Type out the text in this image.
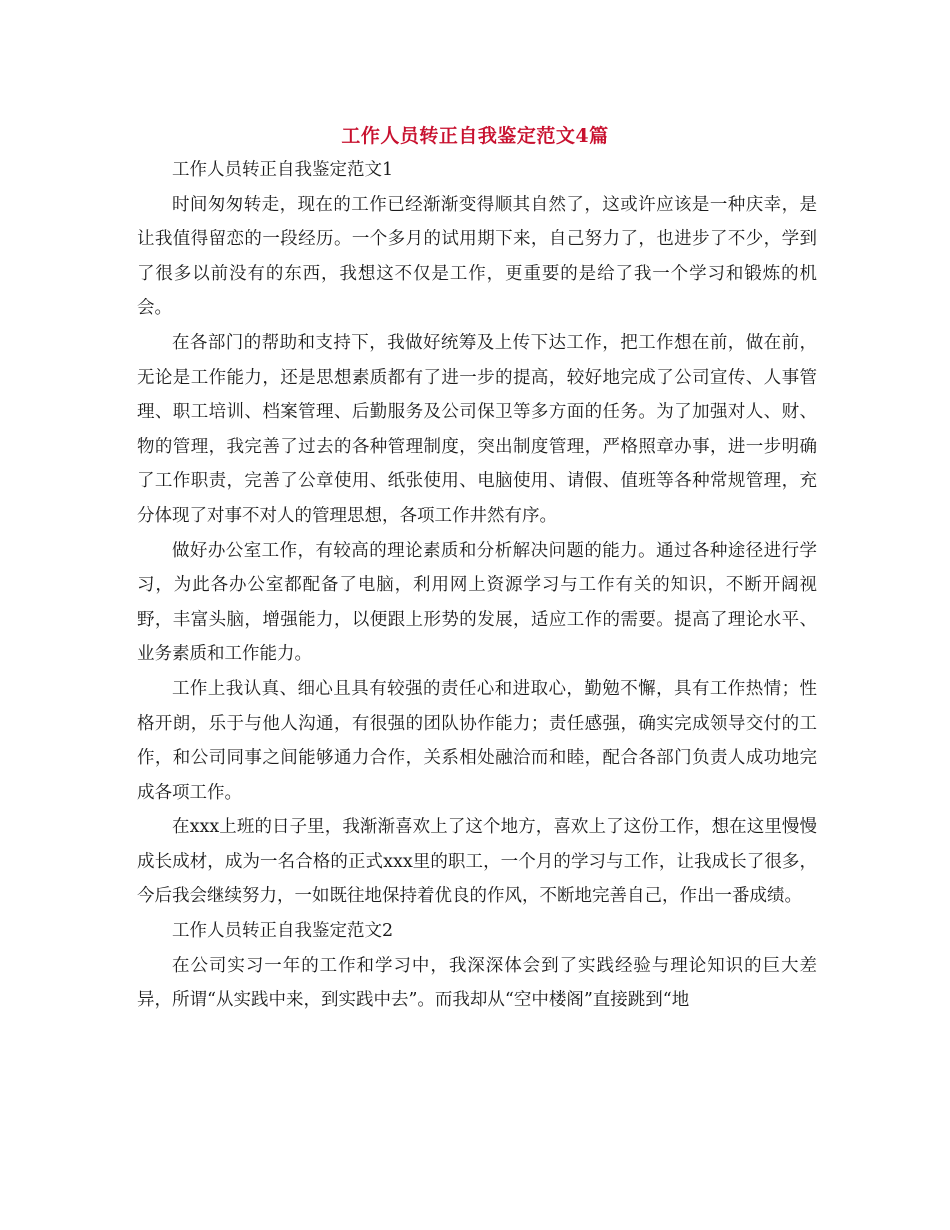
工作人员转正自我鉴定范文4篇

工作人员转正自我鉴定范文1

时间匆匆转走，现在的工作已经渐渐变得顺其自然了，这或许应该是一种庆幸，是让我值得留恋的一段经历。一个多月的试用期下来，自己努力了，也进步了不少，学到了很多以前没有的东西，我想这不仅是工作，更重要的是给了我一个学习和锻炼的机会。

在各部门的帮助和支持下，我做好统筹及上传下达工作，把工作想在前，做在前，无论是工作能力，还是思想素质都有了进一步的提高，较好地完成了公司宣传、人事管理、职工培训、档案管理、后勤服务及公司保卫等多方面的任务。为了加强对人、财、物的管理，我完善了过去的各种管理制度，突出制度管理，严格照章办事，进一步明确了工作职责，完善了公章使用、纸张使用、电脑使用、请假、值班等各种常规管理，充分体现了对事不对人的管理思想，各项工作井然有序。

做好办公室工作，有较高的理论素质和分析解决问题的能力。通过各种途径进行学习，为此各办公室都配备了电脑，利用网上资源学习与工作有关的知识，不断开阔视野，丰富头脑，增强能力，以便跟上形势的发展，适应工作的需要。提高了理论水平、业务素质和工作能力。

工作上我认真、细心且具有较强的责任心和进取心，勤勉不懈，具有工作热情；性格开朗，乐于与他人沟通，有很强的团队协作能力；责任感强，确实完成领导交付的工作，和公司同事之间能够通力合作，关系相处融洽而和睦，配合各部门负责人成功地完成各项工作。

在xxx上班的日子里，我渐渐喜欢上了这个地方，喜欢上了这份工作，想在这里慢慢成长成材，成为一名合格的正式xxx里的职工，一个月的学习与工作，让我成长了很多，今后我会继续努力，一如既往地保持着优良的作风，不断地完善自己，作出一番成绩。

工作人员转正自我鉴定范文2

在公司实习一年的工作和学习中，我深深体会到了实践经验与理论知识的巨大差异，所谓“从实践中来，到实践中去”。而我却从“空中楼阁”直接跳到“地
